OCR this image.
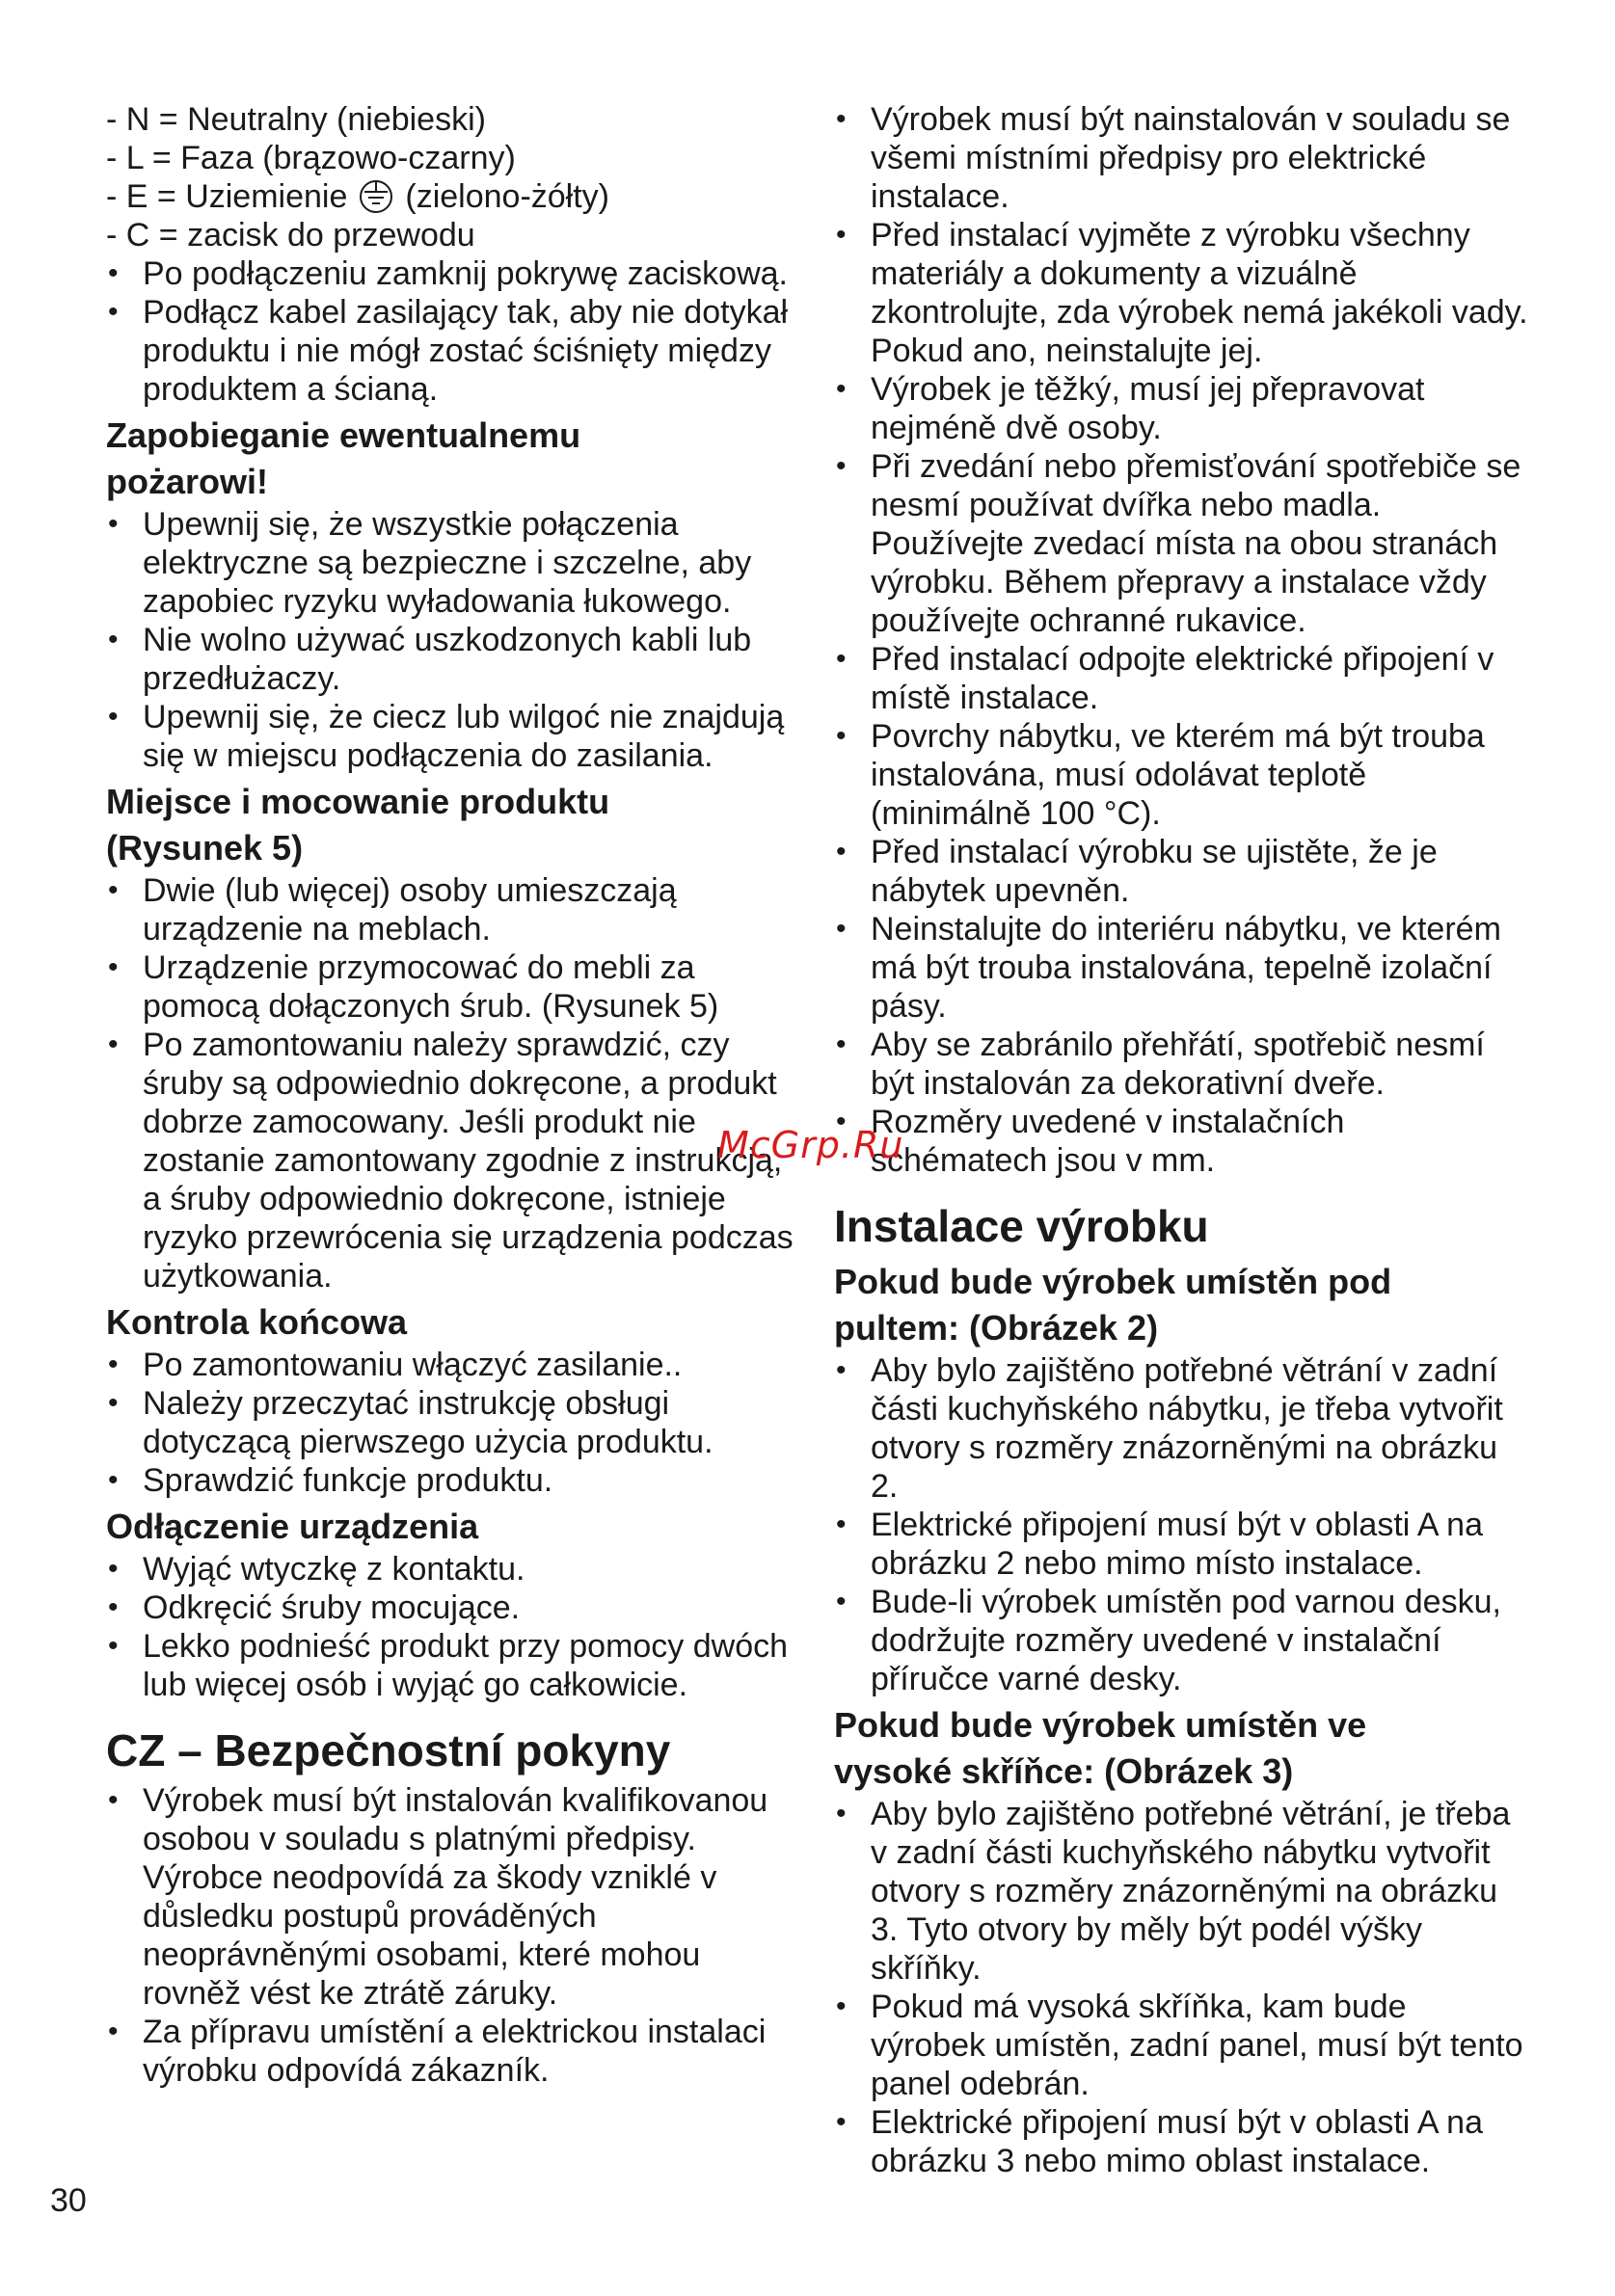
- N = Neutralny (niebieski)

- L = Faza (brązowo-czarny)

- E = Uziemienie (zielono-żółty)

- C = zacisk do przewodu

• Po podłączeniu zamknij pokrywę zaciskową.
• Podłącz kabel zasilający tak, aby nie dotykał produktu i nie mógł zostać ściśnięty między produktem a ścianą.
Zapobieganie ewentualnemu
pożarowi!
• Upewnij się, że wszystkie połączenia elektryczne są bezpieczne i szczelne, aby zapobiec ryzyku wyładowania łukowego.
• Nie wolno używać uszkodzonych kabli lub przedłużaczy.
• Upewnij się, że ciecz lub wilgoć nie znajdują się w miejscu podłączenia do zasilania.
Miejsce i mocowanie produktu
(Rysunek 5)
• Dwie (lub więcej) osoby umieszczają urządzenie na meblach.
• Urządzenie przymocować do mebli za pomocą dołączonych śrub. (Rysunek 5)
• Po zamontowaniu należy sprawdzić, czy śruby są odpowiednio dokręcone, a produkt dobrze zamocowany. Jeśli produkt nie zostanie zamontowany zgodnie z instrukcją, a śruby odpowiednio dokręcone, istnieje ryzyko przewrócenia się urządzenia podczas użytkowania.
Kontrola końcowa
• Po zamontowaniu włączyć zasilanie..
• Należy przeczytać instrukcję obsługi dotyczącą pierwszego użycia produktu.
• Sprawdzić funkcje produktu.
Odłączenie urządzenia
• Wyjąć wtyczkę z kontaktu.
• Odkręcić śruby mocujące.
• Lekko podnieść produkt przy pomocy dwóch lub więcej osób i wyjąć go całkowicie.
CZ – Bezpečnostní pokyny
• Výrobek musí být instalován kvalifikovanou osobou v souladu s platnými předpisy. Výrobce neodpovídá za škody vzniklé v důsledku postupů prováděných neoprávněnými osobami, které mohou rovněž vést ke ztrátě záruky.
• Za přípravu umístění a elektrickou instalaci výrobku odpovídá zákazník.
• Výrobek musí být nainstalován v souladu se všemi místními předpisy pro elektrické instalace.
• Před instalací vyjměte z výrobku všechny materiály a dokumenty a vizuálně zkontrolujte, zda výrobek nemá jakékoli vady. Pokud ano, neinstalujte jej.
• Výrobek je těžký, musí jej přepravovat nejméně dvě osoby.
• Při zvedání nebo přemisťování spotřebiče se nesmí používat dvířka nebo madla. Používejte zvedací místa na obou stranách výrobku. Během přepravy a instalace vždy používejte ochranné rukavice.
• Před instalací odpojte elektrické připojení v místě instalace.
• Povrchy nábytku, ve kterém má být trouba instalována, musí odolávat teplotě (minimálně 100 °C).
• Před instalací výrobku se ujistěte, že je nábytek upevněn.
• Neinstalujte do interiéru nábytku, ve kterém má být trouba instalována, tepelně izolační pásy.
• Aby se zabránilo přehřátí, spotřebič nesmí být instalován za dekorativní dveře.
• Rozměry uvedené v instalačních schématech jsou v mm.
Instalace výrobku
Pokud bude výrobek umístěn pod
pultem: (Obrázek 2)
• Aby bylo zajištěno potřebné větrání v zadní části kuchyňského nábytku, je třeba vytvořit otvory s rozměry znázorněnými na obrázku 2.
• Elektrické připojení musí být v oblasti A na obrázku 2 nebo mimo místo instalace.
• Bude-li výrobek umístěn pod varnou desku, dodržujte rozměry uvedené v instalační příručce varné desky.
Pokud bude výrobek umístěn ve
vysoké skříňce: (Obrázek 3)
• Aby bylo zajištěno potřebné větrání, je třeba v zadní části kuchyňského nábytku vytvořit otvory s rozměry znázorněnými na obrázku 3. Tyto otvory by měly být podél výšky skříňky.
• Pokud má vysoká skříňka, kam bude výrobek umístěn, zadní panel, musí být tento panel odebrán.
• Elektrické připojení musí být v oblasti A na obrázku 3 nebo mimo oblast instalace.
McGrp.Ru
30
